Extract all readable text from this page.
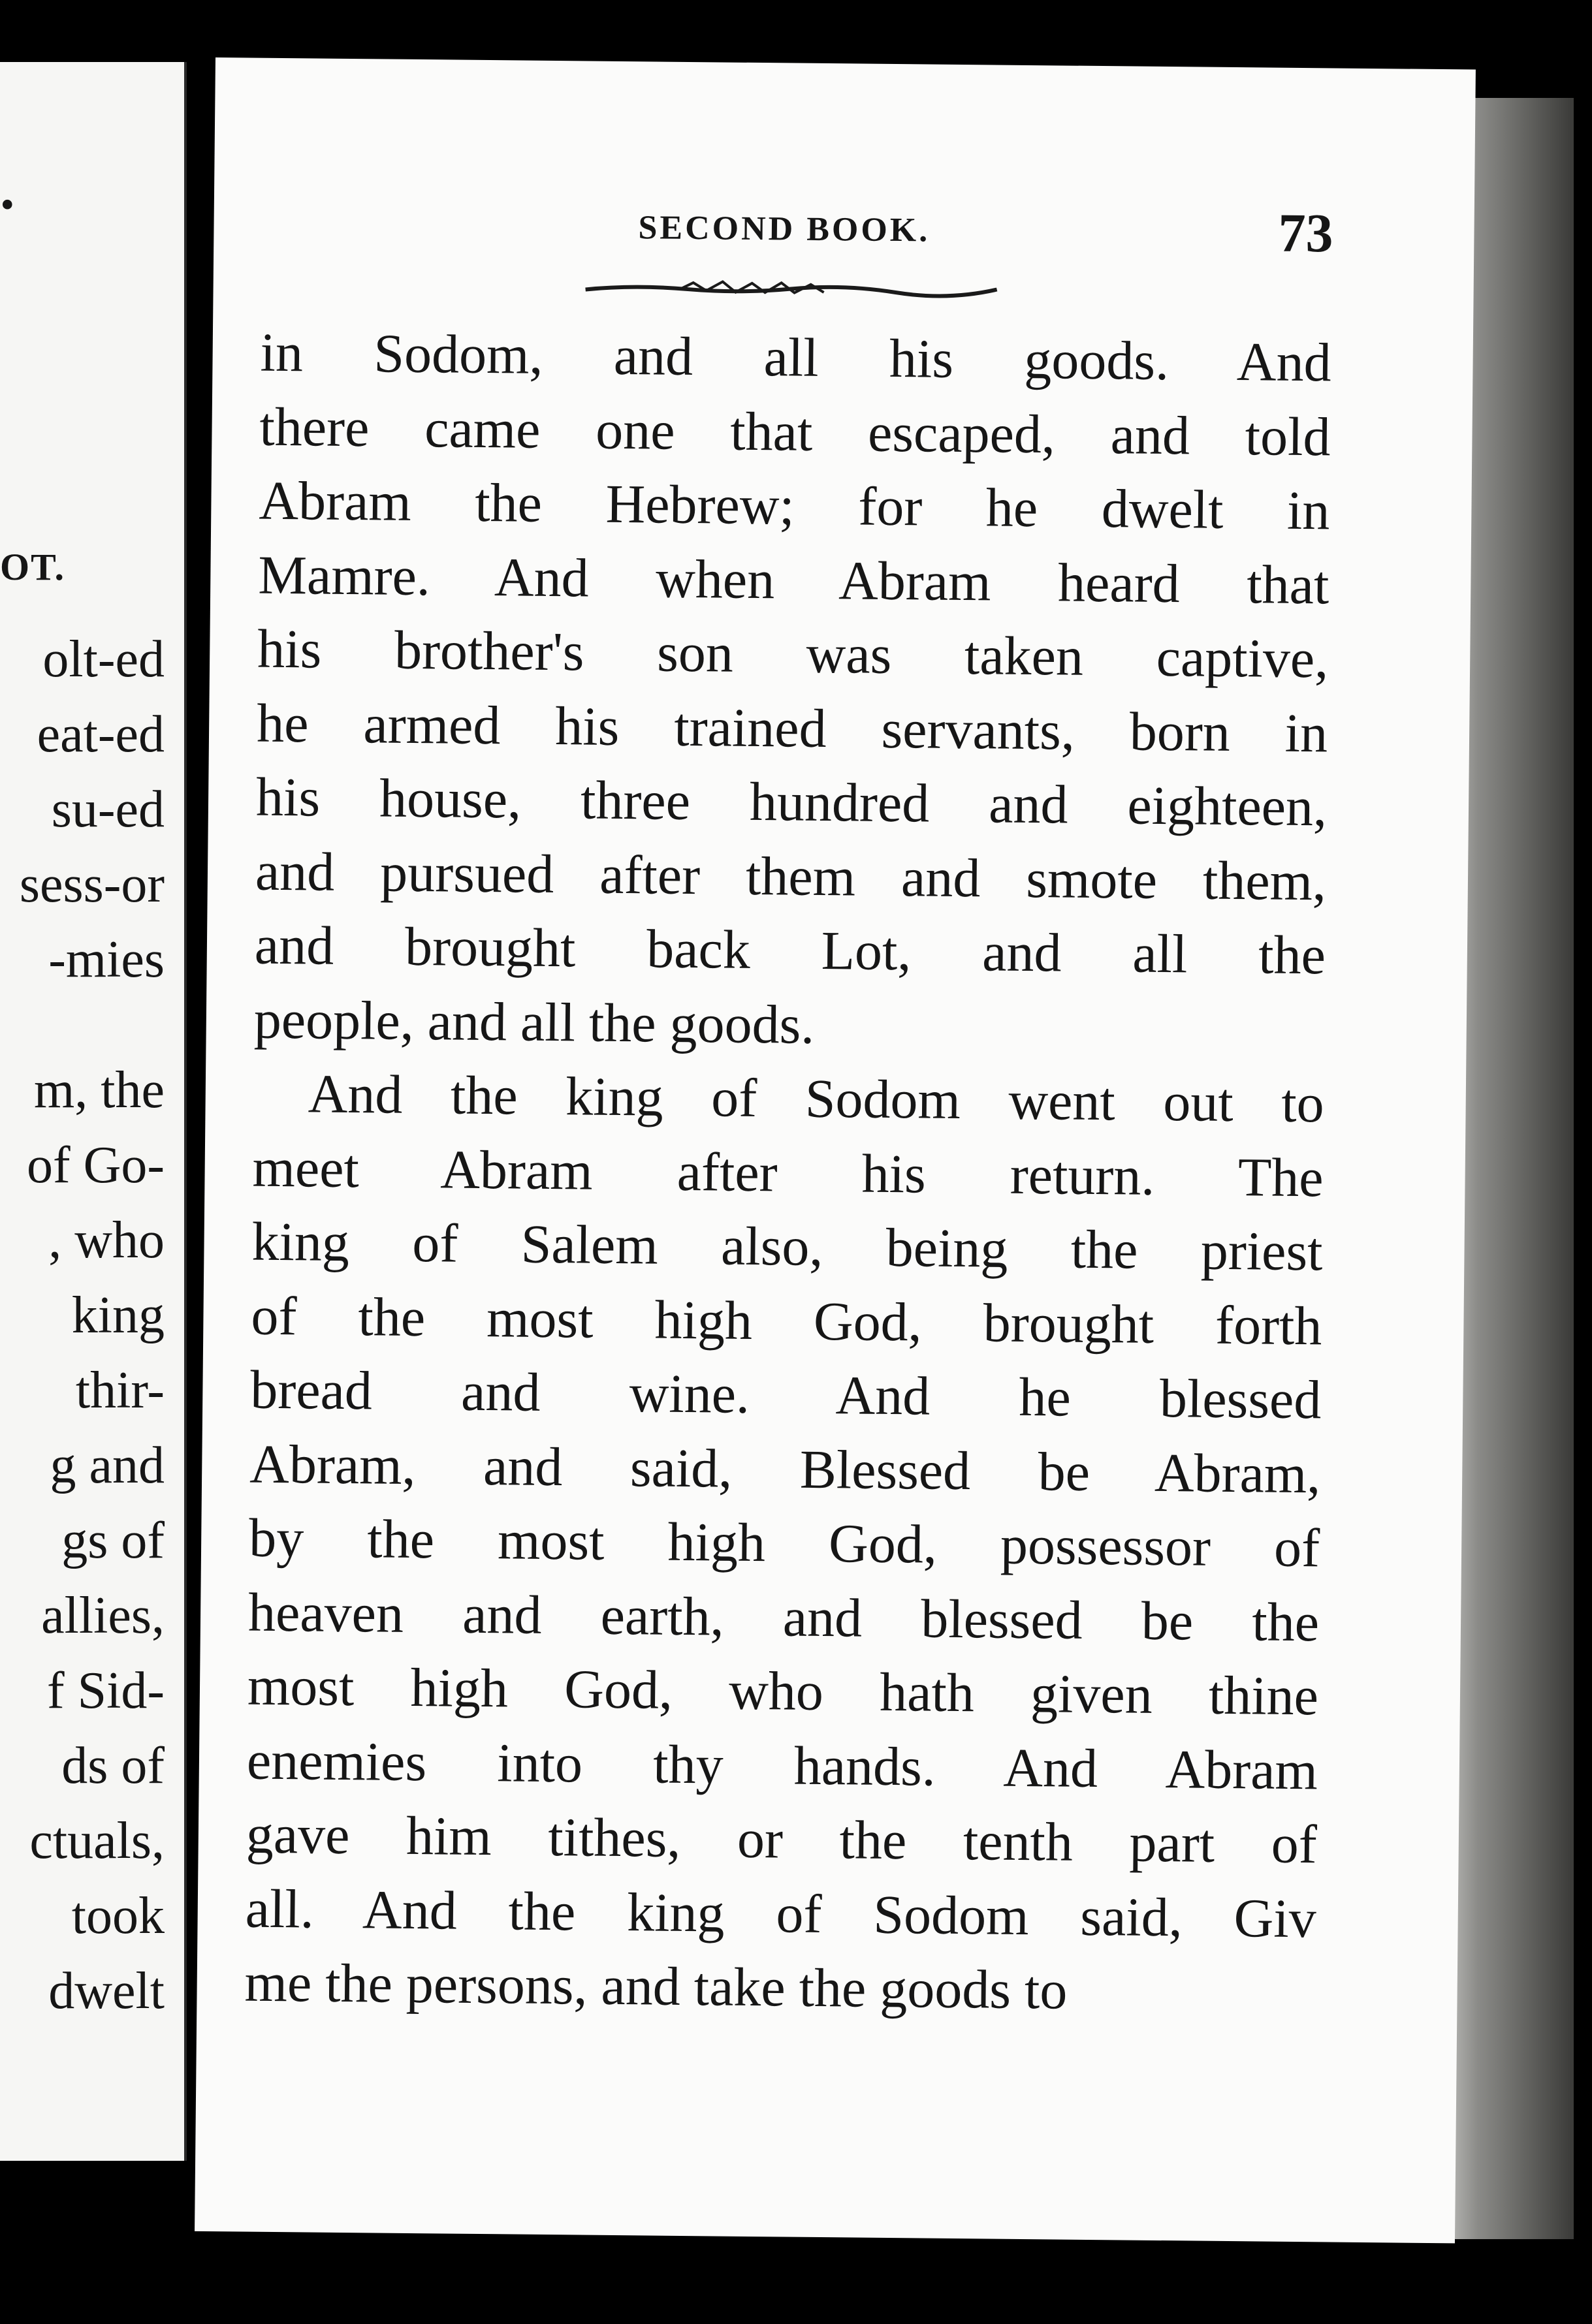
.
OT.
olt-ed
eat-ed
su-ed
sess-or
-mies
m, the
of Go-
, who
king
thir-
g and
gs of
allies,
f Sid-
ds of
ctuals,
took
dwelt
SECOND BOOK.	73
in Sodom, and all his goods. And
there came one that escaped, and told
Abram the Hebrew; for he dwelt in
Mamre. And when Abram heard that
his brother's son was taken captive,
he armed his trained servants, born in
his house, three hundred and eighteen,
and pursued after them and smote them,
and brought back Lot, and all the
people, and all the goods.
And the king of Sodom went out to
meet Abram after his return. The
king of Salem also, being the priest
of the most high God, brought forth
bread and wine. And he blessed
Abram, and said, Blessed be Abram,
by the most high God, possessor of
heaven and earth, and blessed be the
most high God, who hath given thine
enemies into thy hands. And Abram
gave him tithes, or the tenth part of
all. And the king of Sodom said, Giv
me the persons, and take the goods to
